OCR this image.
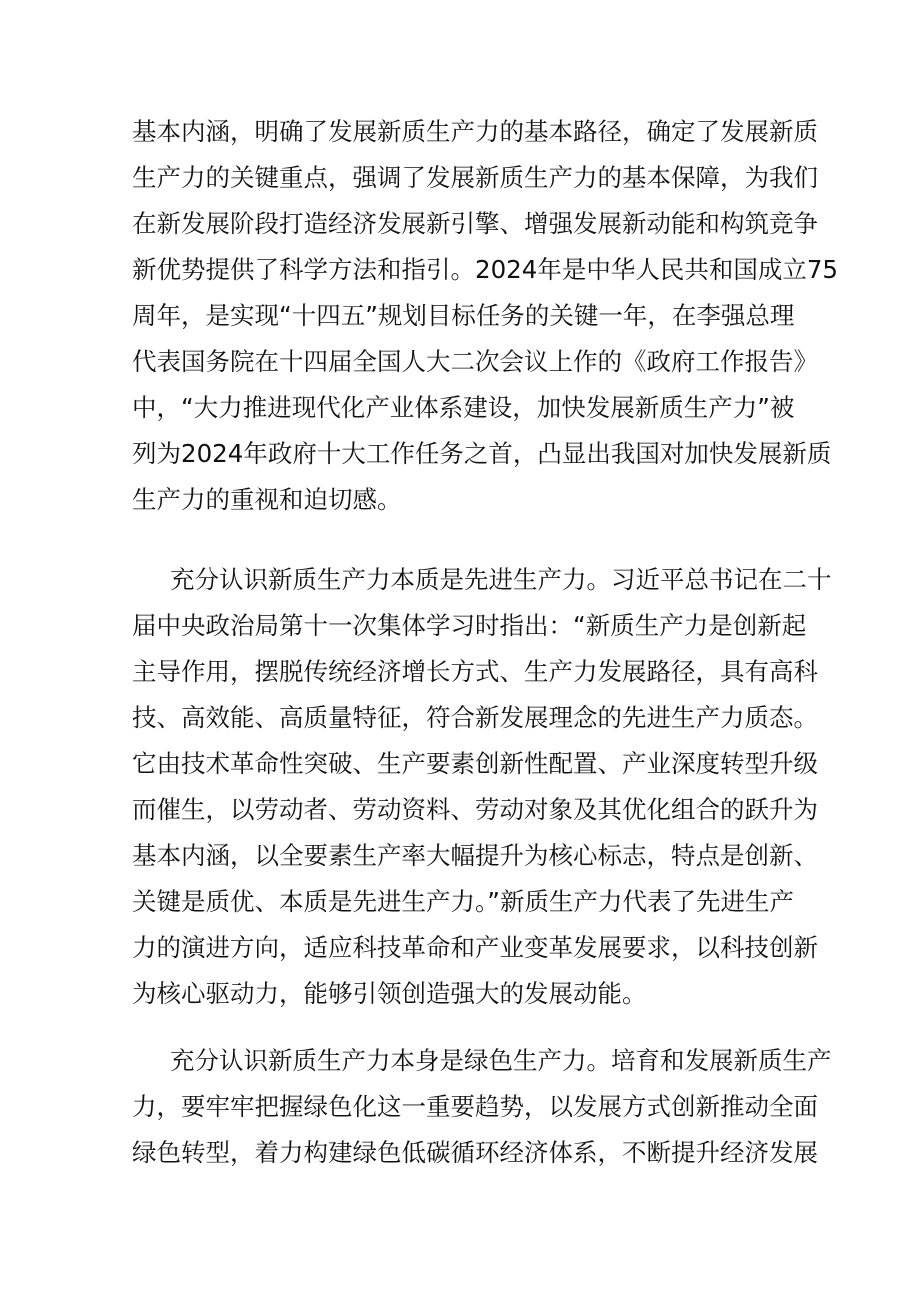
基本内涵，明确了发展新质生产力的基本路径，确定了发展新质
生产力的关键重点，强调了发展新质生产力的基本保障，为我们
在新发展阶段打造经济发展新引擎、增强发展新动能和构筑竞争
新优势提供了科学方法和指引。2024年是中华人民共和国成立75
周年，是实现“十四五”规划目标任务的关键一年，在李强总理
代表国务院在十四届全国人大二次会议上作的《政府工作报告》
中，“大力推进现代化产业体系建设，加快发展新质生产力”被
列为2024年政府十大工作任务之首，凸显出我国对加快发展新质
生产力的重视和迫切感。
充分认识新质生产力本质是先进生产力。习近平总书记在二十
届中央政治局第十一次集体学习时指出：“新质生产力是创新起
主导作用，摆脱传统经济增长方式、生产力发展路径，具有高科
技、高效能、高质量特征，符合新发展理念的先进生产力质态。
它由技术革命性突破、生产要素创新性配置、产业深度转型升级
而催生，以劳动者、劳动资料、劳动对象及其优化组合的跃升为
基本内涵，以全要素生产率大幅提升为核心标志，特点是创新、
关键是质优、本质是先进生产力。”新质生产力代表了先进生产
力的演进方向，适应科技革命和产业变革发展要求，以科技创新
为核心驱动力，能够引领创造强大的发展动能。
充分认识新质生产力本身是绿色生产力。培育和发展新质生产
力，要牢牢把握绿色化这一重要趋势，以发展方式创新推动全面
绿色转型，着力构建绿色低碳循环经济体系，不断提升经济发展
